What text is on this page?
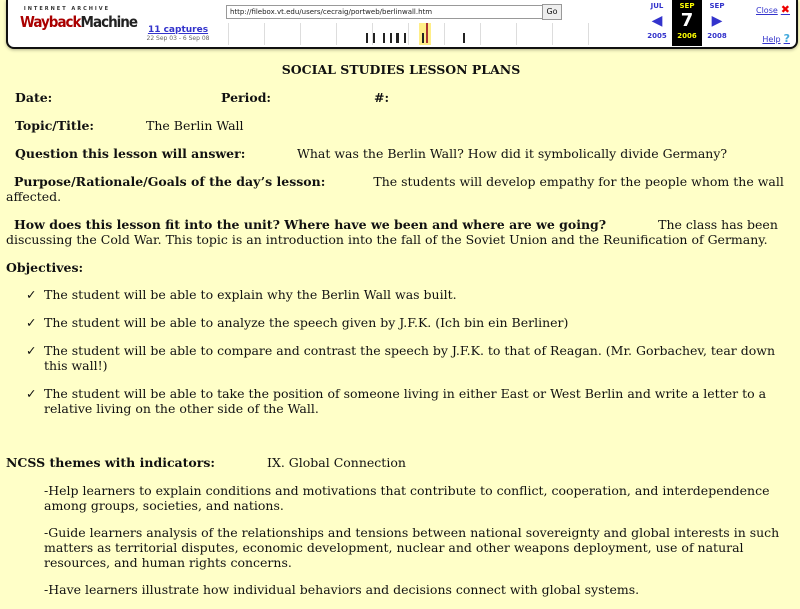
INTERNET ARCHIVE
WaybackMachine	11 captures
22 Sep 03 - 6 Sep 08
http://filebox.vt.edu/users/cecraig/portweb/berlinwall.htm	Go
JUL
◀
2005
SEP
7
2006
SEP
▶
2008
Close ✖
Help ?
SOCIAL STUDIES LESSON PLANS
Date:	Period:	#:
Topic/Title:	The Berlin Wall
Question this lesson will answer:	What was the Berlin Wall? How did it symbolically divide Germany?
Purpose/Rationale/Goals of the day’s lesson:	The students will develop empathy for the people whom the wall affected.
How does this lesson fit into the unit? Where have we been and where are we going?	The class has been discussing the Cold War. This topic is an introduction into the fall of the Soviet Union and the Reunification of Germany.
Objectives:
✓ The student will be able to explain why the Berlin Wall was built.
✓ The student will be able to analyze the speech given by J.F.K. (Ich bin ein Berliner)
✓ The student will be able to compare and contrast the speech by J.F.K. to that of Reagan. (Mr. Gorbachev, tear down this wall!)
✓ The student will be able to take the position of someone living in either East or West Berlin and write a letter to a relative living on the other side of the Wall.
NCSS themes with indicators:	IX. Global Connection

-Help learners to explain conditions and motivations that contribute to conflict, cooperation, and interdependence among groups, societies, and nations.

-Guide learners analysis of the relationships and tensions between national sovereignty and global interests in such matters as territorial disputes, economic development, nuclear and other weapons deployment, use of natural resources, and human rights concerns.

-Have learners illustrate how individual behaviors and decisions connect with global systems.
